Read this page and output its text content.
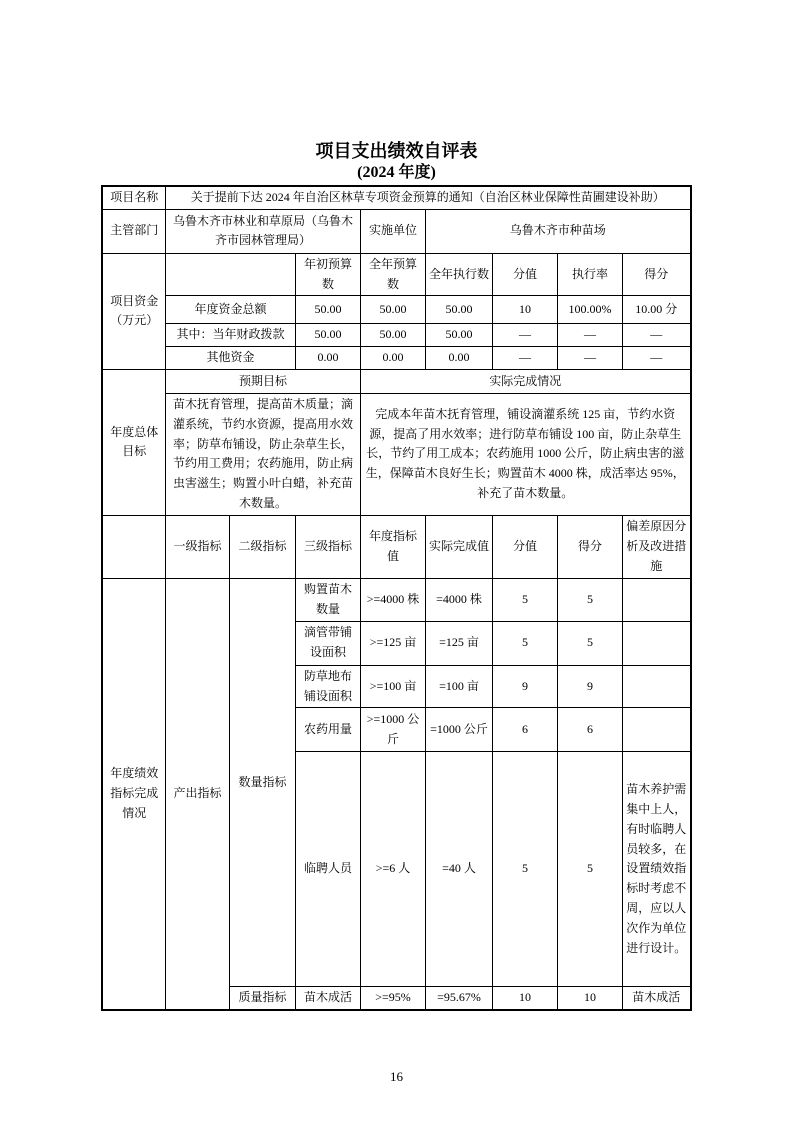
项目支出绩效自评表
(2024 年度)
项目名称	关于提前下达 2024 年自治区林草专项资金预算的通知（自治区林业保障性苗圃建设补助）							
主管部门	乌鲁木齐市林业和草原局（乌鲁木齐市园林管理局）			实施单位	乌鲁木齐市种苗场			
项目资金（万元）			年初预算数	全年预算数	全年执行数	分值	执行率	得分
	年度资金总额		50.00	50.00	50.00	10	100.00%	10.00 分
	其中：当年财政拨款		50.00	50.00	50.00	—	—	—
	其他资金		0.00	0.00	0.00	—	—	—
年度总体目标	预期目标			实际完成情况				
	苗木抚育管理，提高苗木质量；滴灌系统，节约水资源，提高用水效率；防草布铺设，防止杂草生长，节约用工费用；农药施用，防止病虫害滋生；购置小叶白蜡，补充苗木数量。			完成本年苗木抚育管理，铺设滴灌系统 125 亩，节约水资源，提高了用水效率；进行防草布铺设 100 亩，防止杂草生长，节约了用工成本；农药施用 1000 公斤，防止病虫害的滋生，保障苗木良好生长；购置苗木 4000 株，成活率达 95%，补充了苗木数量。				
	一级指标	二级指标	三级指标	年度指标值	实际完成值	分值	得分	偏差原因分析及改进措施
年度绩效指标完成情况	产出指标	数量指标	购置苗木数量	>=4000 株	=4000 株	5	5	
			滴管带铺设面积	>=125 亩	=125 亩	5	5	
			防草地布铺设面积	>=100 亩	=100 亩	9	9	
			农药用量	>=1000 公斤	=1000 公斤	6	6	
			临聘人员	>=6 人	=40 人	5	5	苗木养护需集中上人，有时临聘人员较多，在设置绩效指标时考虑不周，应以人次作为单位进行设计。
		质量指标	苗木成活	>=95%	=95.67%	10	10	苗木成活
16
